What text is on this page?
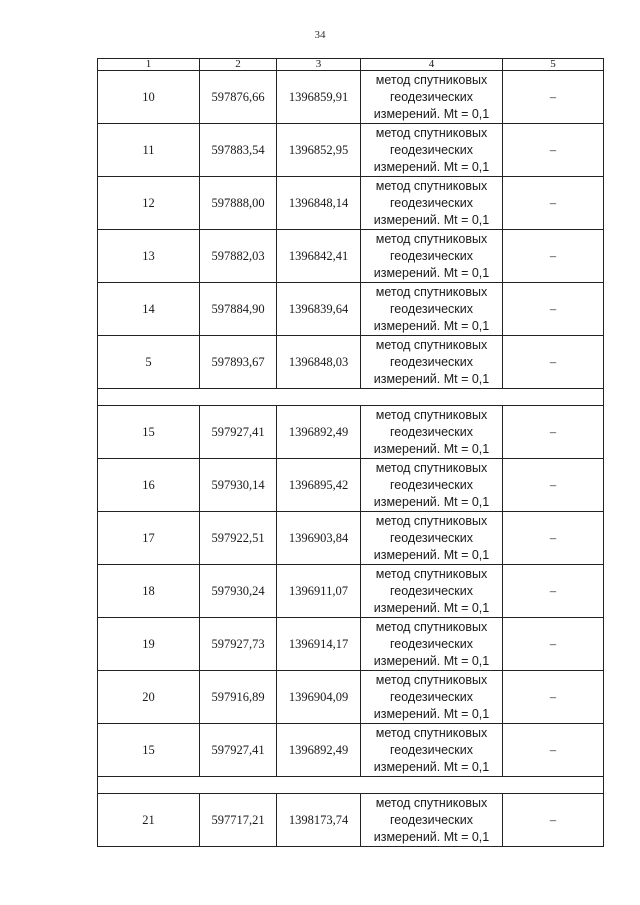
34
1	2	3	4	5
10	597876,66	1396859,91	метод спутниковых
геодезических
измерений. Mt = 0,1	–
11	597883,54	1396852,95	метод спутниковых
геодезических
измерений. Mt = 0,1	–
12	597888,00	1396848,14	метод спутниковых
геодезических
измерений. Mt = 0,1	–
13	597882,03	1396842,41	метод спутниковых
геодезических
измерений. Mt = 0,1	–
14	597884,90	1396839,64	метод спутниковых
геодезических
измерений. Mt = 0,1	–
5	597893,67	1396848,03	метод спутниковых
геодезических
измерений. Mt = 0,1	–

15	597927,41	1396892,49	метод спутниковых
геодезических
измерений. Mt = 0,1	–
16	597930,14	1396895,42	метод спутниковых
геодезических
измерений. Mt = 0,1	–
17	597922,51	1396903,84	метод спутниковых
геодезических
измерений. Mt = 0,1	–
18	597930,24	1396911,07	метод спутниковых
геодезических
измерений. Mt = 0,1	–
19	597927,73	1396914,17	метод спутниковых
геодезических
измерений. Mt = 0,1	–
20	597916,89	1396904,09	метод спутниковых
геодезических
измерений. Mt = 0,1	–
15	597927,41	1396892,49	метод спутниковых
геодезических
измерений. Mt = 0,1	–

21	597717,21	1398173,74	метод спутниковых
геодезических
измерений. Mt = 0,1	–
